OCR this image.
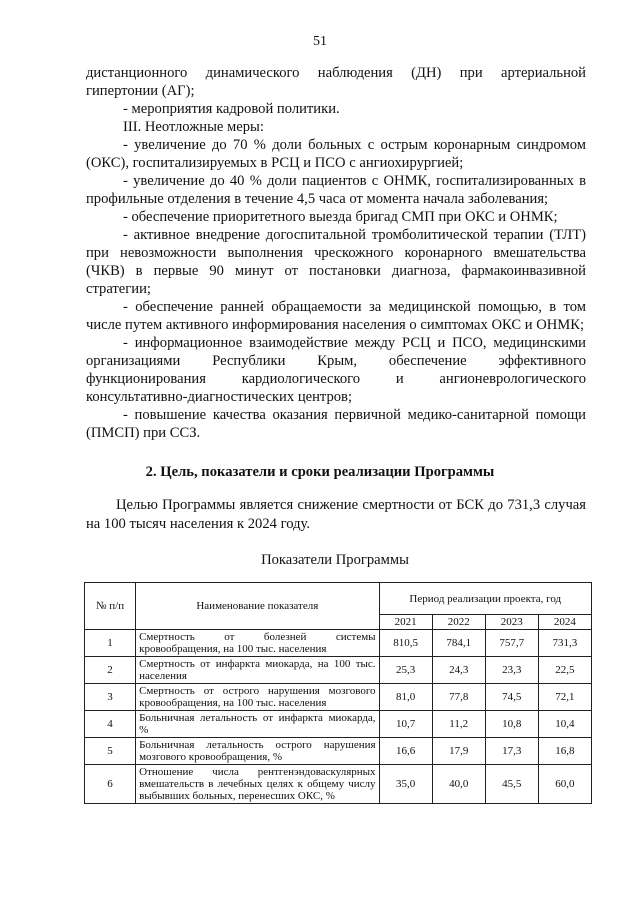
51

дистанционного динамического наблюдения (ДН) при артериальной гипертонии (АГ);

- мероприятия кадровой политики.

III. Неотложные меры:

- увеличение до 70 % доли больных с острым коронарным синдромом (ОКС), госпитализируемых в РСЦ и ПСО с ангиохирургией;

- увеличение до 40 % доли пациентов с ОНМК, госпитализированных в профильные отделения в течение 4,5 часа от момента начала заболевания;

- обеспечение приоритетного выезда бригад СМП при ОКС и ОНМК;

- активное внедрение догоспитальной тромболитической терапии (ТЛТ) при невозможности выполнения чрескожного коронарного вмешательства (ЧКВ) в первые 90 минут от постановки диагноза, фармакоинвазивной стратегии;

- обеспечение ранней обращаемости за медицинской помощью, в том числе путем активного информирования населения о симптомах ОКС и ОНМК;

- информационное взаимодействие между РСЦ и ПСО, медицинскими организациями Республики Крым, обеспечение эффективного функционирования кардиологического и ангионеврологического консультативно-диагностических центров;

- повышение качества оказания первичной медико-санитарной помощи (ПМСП) при ССЗ.

2. Цель, показатели и сроки реализации Программы

Целью Программы является снижение смертности от БСК до 731,3 случая на 100 тысяч населения к 2024 году.

Показатели Программы
№ п/п	Наименование показателя	Период реализации проекта, год			
		2021	2022	2023	2024
1	Смертность от болезней системы кровообращения, на 100 тыс. населения	810,5	784,1	757,7	731,3
2	Смертность от инфаркта миокарда, на 100 тыс. населения	25,3	24,3	23,3	22,5
3	Смертность от острого нарушения мозгового кровообращения, на 100 тыс. населения	81,0	77,8	74,5	72,1
4	Больничная летальность от инфаркта миокарда, %	10,7	11,2	10,8	10,4
5	Больничная летальность острого нарушения мозгового кровообращения, %	16,6	17,9	17,3	16,8
6	Отношение числа рентгенэндоваскулярных вмешательств в лечебных целях к общему числу выбывших больных, перенесших ОКС, %	35,0	40,0	45,5	60,0
